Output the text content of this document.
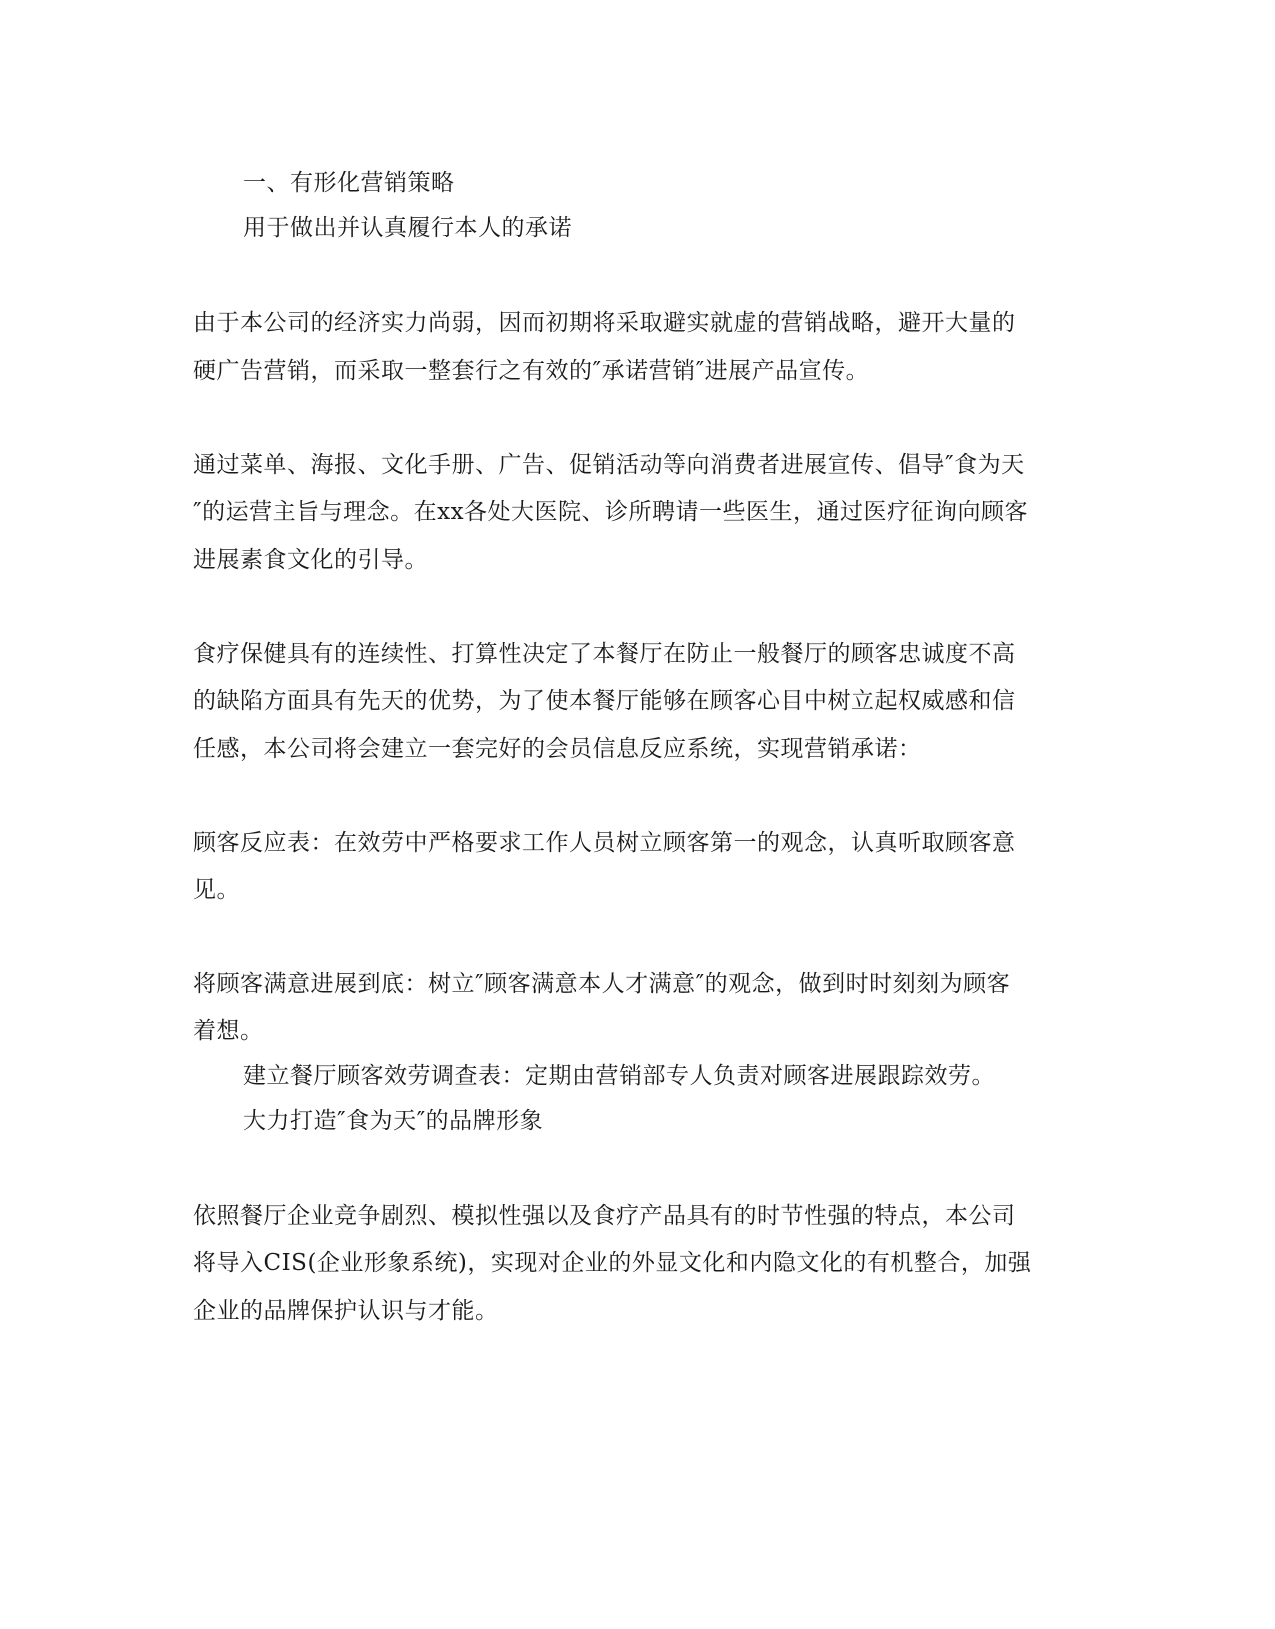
一、有形化营销策略
用于做出并认真履行本人的承诺
由于本公司的经济实力尚弱，因而初期将采取避实就虚的营销战略，避开大量的
硬广告营销，而采取一整套行之有效的″承诺营销″进展产品宣传。
通过菜单、海报、文化手册、广告、促销活动等向消费者进展宣传、倡导″食为天
″的运营主旨与理念。在xx各处大医院、诊所聘请一些医生，通过医疗征询向顾客
进展素食文化的引导。
食疗保健具有的连续性、打算性决定了本餐厅在防止一般餐厅的顾客忠诚度不高
的缺陷方面具有先天的优势，为了使本餐厅能够在顾客心目中树立起权威感和信
任感，本公司将会建立一套完好的会员信息反应系统，实现营销承诺：
顾客反应表：在效劳中严格要求工作人员树立顾客第一的观念，认真听取顾客意
见。
将顾客满意进展到底：树立″顾客满意本人才满意″的观念，做到时时刻刻为顾客
着想。
建立餐厅顾客效劳调查表：定期由营销部专人负责对顾客进展跟踪效劳。
大力打造″食为天″的品牌形象
依照餐厅企业竞争剧烈、模拟性强以及食疗产品具有的时节性强的特点，本公司
将导入CIS(企业形象系统)，实现对企业的外显文化和内隐文化的有机整合，加强
企业的品牌保护认识与才能。
